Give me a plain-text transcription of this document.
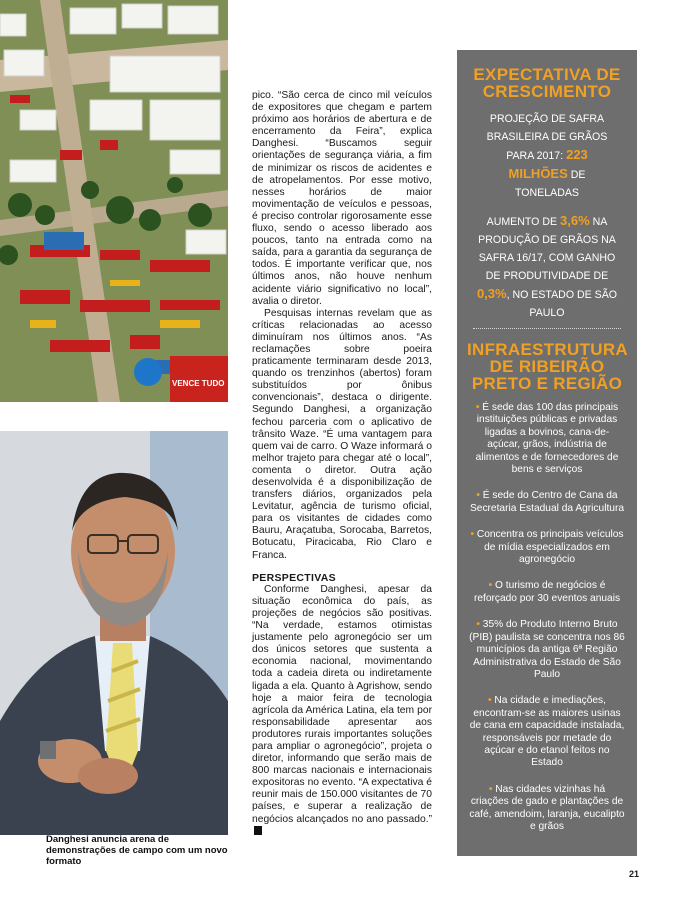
VENCE TUDO
Danghesi anuncia arena de demonstrações de campo com um novo formato

pico. “São cerca de cinco mil veículos de expositores que chegam e partem próximo aos horários de abertura e de encerramento da Feira”, explica Danghesi. “Buscamos seguir orientações de segurança viária, a fim de minimizar os riscos de acidentes e de atropelamentos. Por esse motivo, nesses horários de maior movimentação de veículos e pessoas, é preciso controlar rigorosamente esse fluxo, sendo o acesso liberado aos poucos, tanto na entrada como na saída, para a garantia da segurança de todos. É importante verificar que, nos últimos anos, não houve nenhum acidente viário significativo no local”, avalia o diretor.

Pesquisas internas revelam que as críticas relacionadas ao acesso diminuíram nos últimos anos. “As reclamações sobre poeira praticamente terminaram desde 2013, quando os trenzinhos (abertos) foram substituídos por ônibus convencionais”, destaca o dirigente. Segundo Danghesi, a organização fechou parceria com o aplicativo de trânsito Waze. “É uma vantagem para quem vai de carro. O Waze informará o melhor trajeto para chegar até o local”, comenta o diretor. Outra ação desenvolvida é a disponibilização de transfers diários, organizados pela Levitatur, agência de turismo oficial, para os visitantes de cidades como Bauru, Araçatuba, Sorocaba, Barretos, Botucatu, Piracicaba, Rio Claro e Franca.

PERSPECTIVAS

Conforme Danghesi, apesar da situação econômica do país, as projeções de negócios são positivas. “Na verdade, estamos otimistas justamente pelo agronegócio ser um dos únicos setores que sustenta a economia nacional, movimentando toda a cadeia direta ou indiretamente ligada a ela. Quanto à Agrishow, sendo hoje a maior feira de tecnologia agrícola da América Latina, ela tem por responsabilidade apresentar aos produtores rurais importantes soluções para ampliar o agronegócio”, projeta o diretor, informando que serão mais de 800 marcas nacionais e internacionais expositoras no evento. “A expectativa é reunir mais de 150.000 visitantes de 70 países, e superar a realização de negócios alcançados no ano passado.”

EXPECTATIVA DE CRESCIMENTO
PROJEÇÃO DE SAFRA BRASILEIRA DE GRÃOS PARA 2017: 223 MILHÕES DE TONELADAS
AUMENTO DE 3,6% NA PRODUÇÃO DE GRÃOS NA SAFRA 16/17, COM GANHO DE PRODUTIVIDADE DE 0,3%, NO ESTADO DE SÃO PAULO
INFRAESTRUTURA DE RIBEIRÃO PRETO E REGIÃO

• É sede das 100 das principais instituições públicas e privadas ligadas a bovinos, cana-de-açúcar, grãos, indústria de alimentos e de fornecedores de bens e serviços

• É sede do Centro de Cana da Secretaria Estadual da Agricultura

• Concentra os principais veículos de mídia especializados em agronegócio

• O turismo de negócios é reforçado por 30 eventos anuais

• 35% do Produto Interno Bruto (PIB) paulista se concentra nos 86 municípios da antiga 6ª Região Administrativa do Estado de São Paulo

• Na cidade e imediações, encontram-se as maiores usinas de cana em capacidade instalada, responsáveis por metade do açúcar e do etanol feitos no Estado

• Nas cidades vizinhas há criações de gado e plantações de café, amendoim, laranja, eucalipto e grãos

21
